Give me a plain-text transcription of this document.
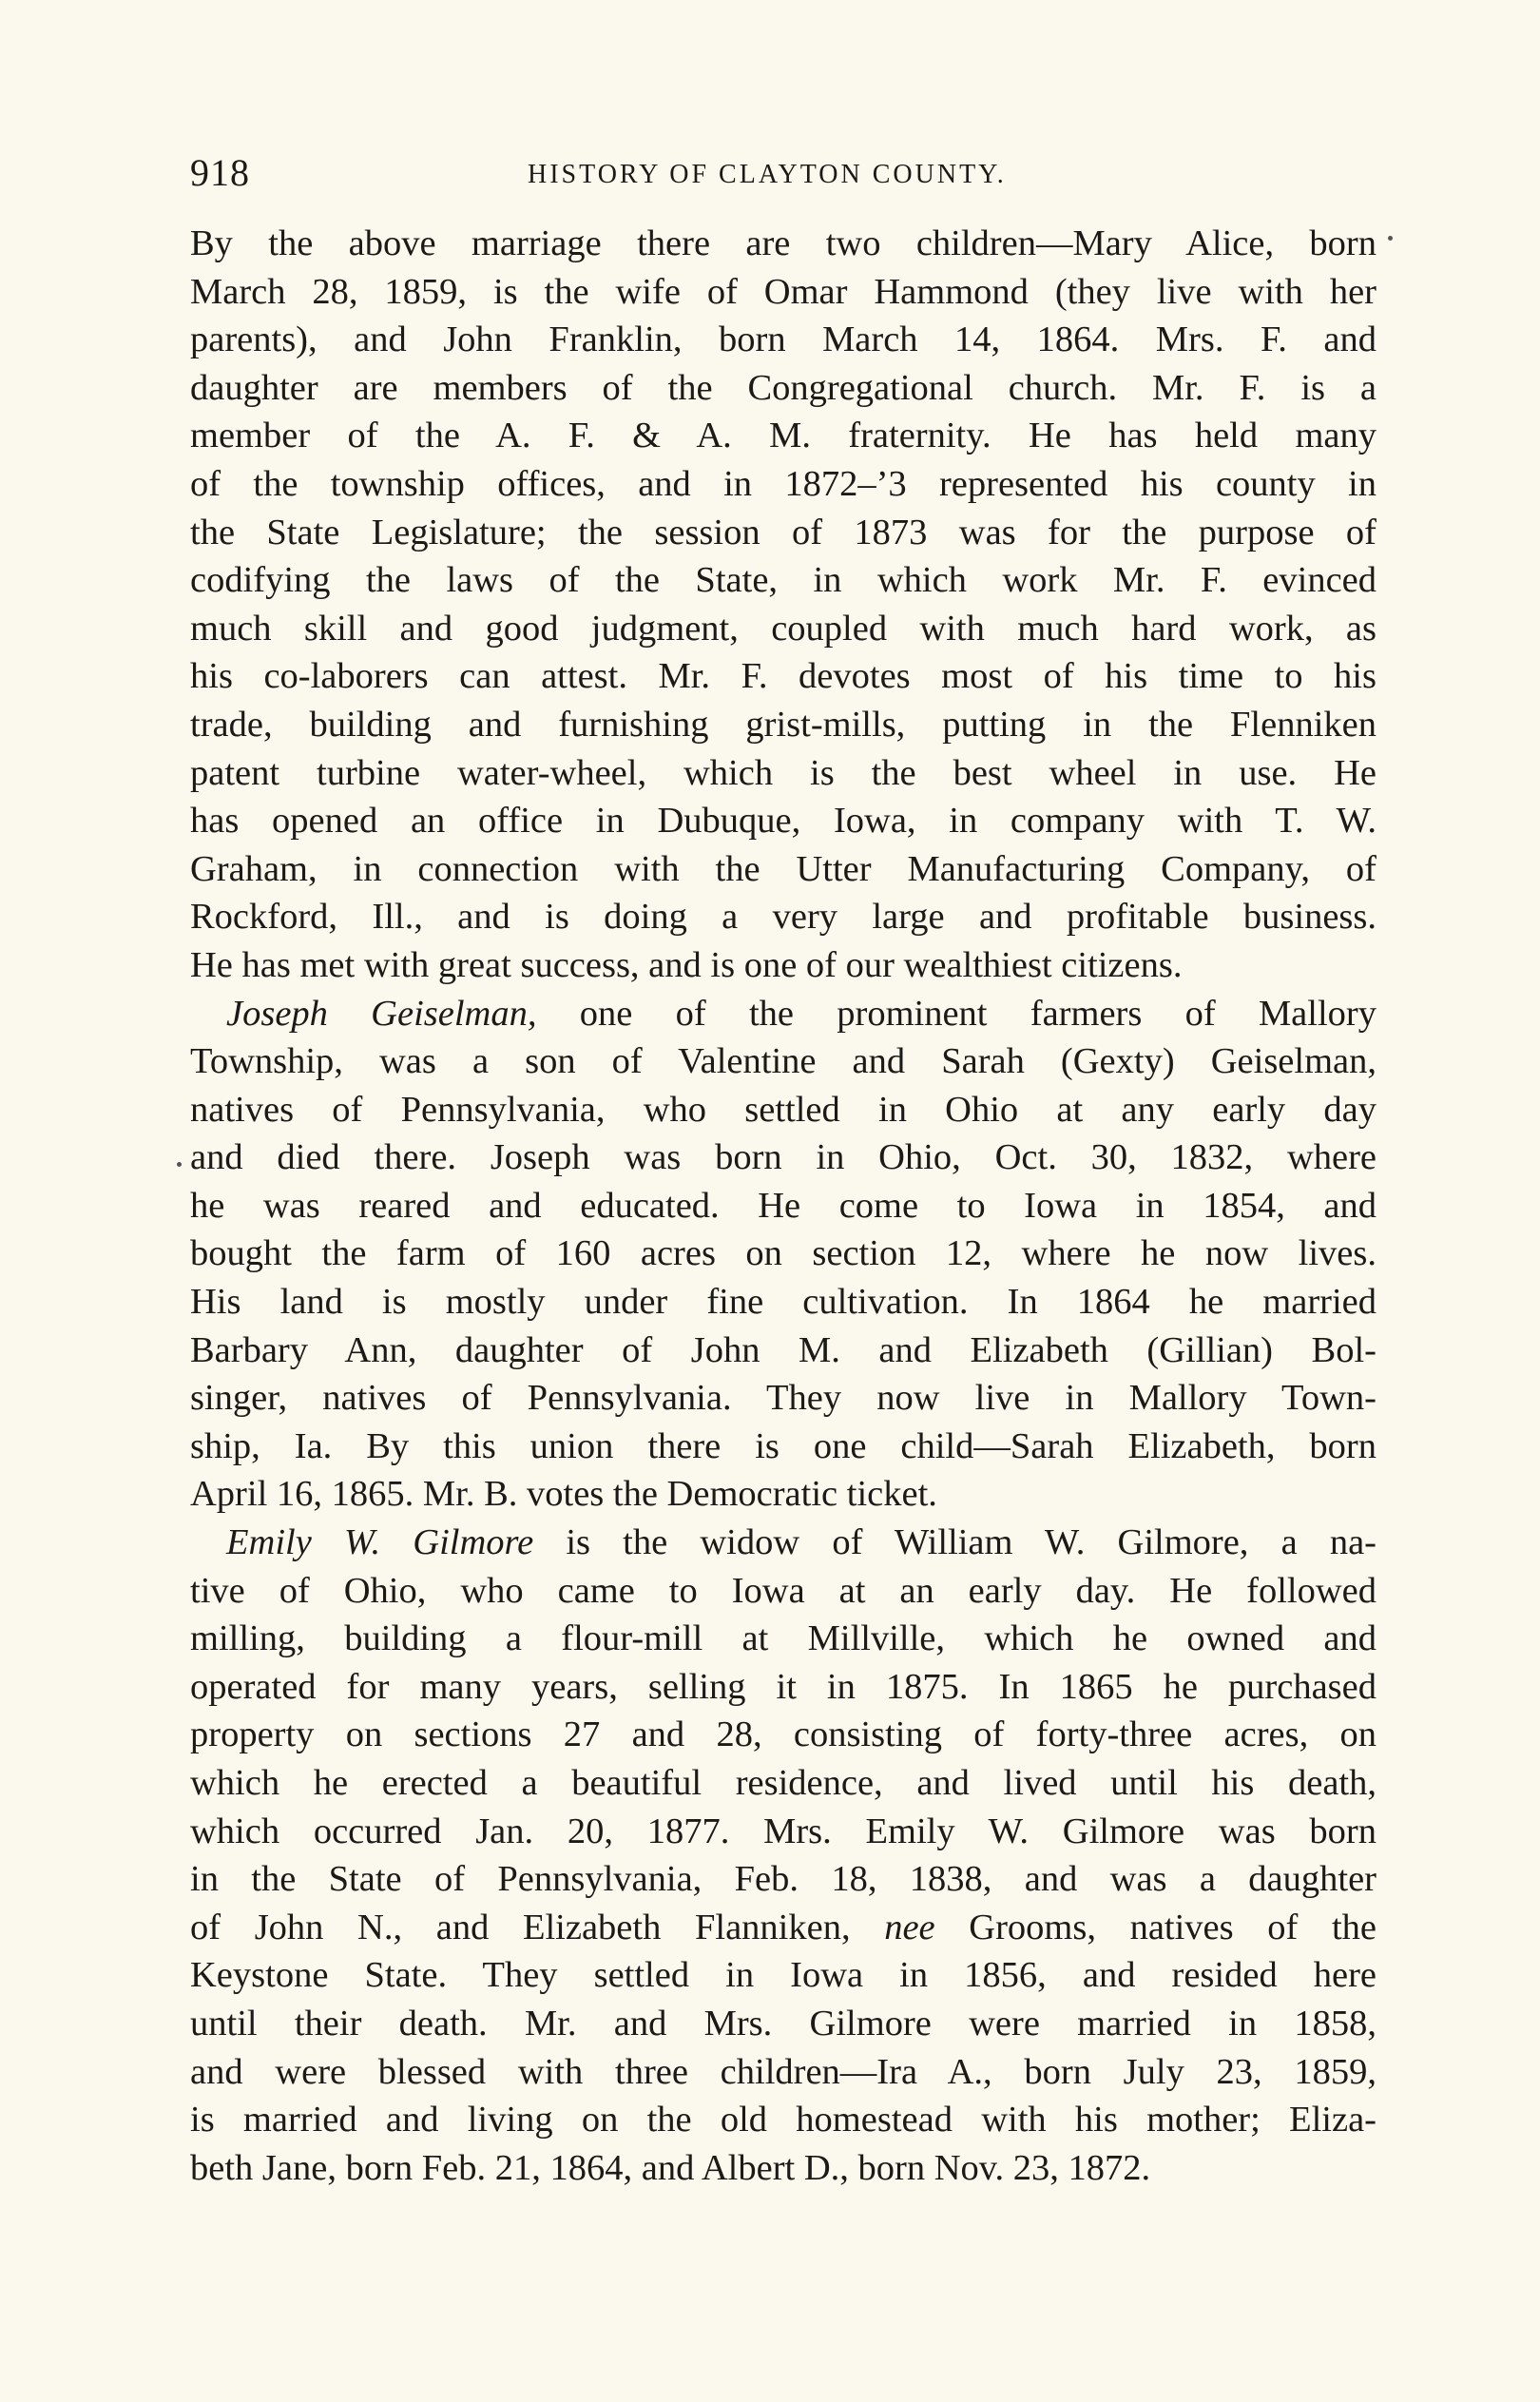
918	HISTORY OF CLAYTON COUNTY.
By the above marriage there are two children—Mary Alice, born
March 28, 1859, is the wife of Omar Hammond (they live with her
parents), and John Franklin, born March 14, 1864. Mrs. F. and
daughter are members of the Congregational church. Mr. F. is a
member of the A. F. & A. M. fraternity. He has held many
of the township offices, and in 1872–’3 represented his county in
the State Legislature; the session of 1873 was for the purpose of
codifying the laws of the State, in which work Mr. F. evinced
much skill and good judgment, coupled with much hard work, as
his co-laborers can attest. Mr. F. devotes most of his time to his
trade, building and furnishing grist-mills, putting in the Flenniken
patent turbine water-wheel, which is the best wheel in use. He
has opened an office in Dubuque, Iowa, in company with T. W.
Graham, in connection with the Utter Manufacturing Company, of
Rockford, Ill., and is doing a very large and profitable business.
He has met with great success, and is one of our wealthiest citizens.
Joseph Geiselman, one of the prominent farmers of Mallory
Township, was a son of Valentine and Sarah (Gexty) Geiselman,
natives of Pennsylvania, who settled in Ohio at any early day
and died there. Joseph was born in Ohio, Oct. 30, 1832, where
he was reared and educated. He come to Iowa in 1854, and
bought the farm of 160 acres on section 12, where he now lives.
His land is mostly under fine cultivation. In 1864 he married
Barbary Ann, daughter of John M. and Elizabeth (Gillian) Bol-
singer, natives of Pennsylvania. They now live in Mallory Town-
ship, Ia. By this union there is one child—Sarah Elizabeth, born
April 16, 1865. Mr. B. votes the Democratic ticket.
Emily W. Gilmore is the widow of William W. Gilmore, a na-
tive of Ohio, who came to Iowa at an early day. He followed
milling, building a flour-mill at Millville, which he owned and
operated for many years, selling it in 1875. In 1865 he purchased
property on sections 27 and 28, consisting of forty-three acres, on
which he erected a beautiful residence, and lived until his death,
which occurred Jan. 20, 1877. Mrs. Emily W. Gilmore was born
in the State of Pennsylvania, Feb. 18, 1838, and was a daughter
of John N., and Elizabeth Flanniken, nee Grooms, natives of the
Keystone State. They settled in Iowa in 1856, and resided here
until their death. Mr. and Mrs. Gilmore were married in 1858,
and were blessed with three children—Ira A., born July 23, 1859,
is married and living on the old homestead with his mother; Eliza-
beth Jane, born Feb. 21, 1864, and Albert D., born Nov. 23, 1872.
